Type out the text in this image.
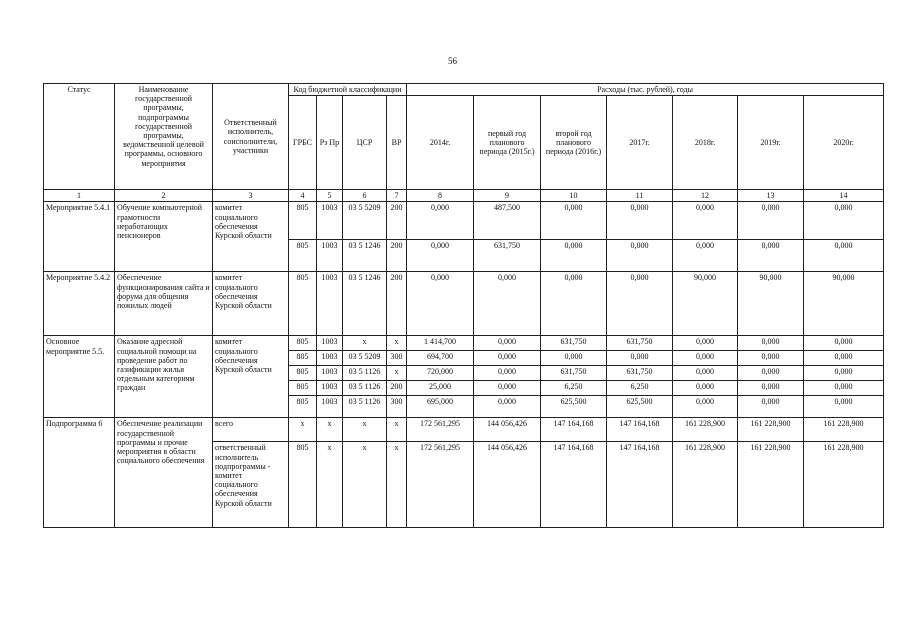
56
Статус	Наименование государственной программы, подпрограммы государственной программы, ведомственной целевой программы, основного мероприятия	Ответственный исполнитель, соисполнители, участники	Код бюджетной классификации				Расходы (тыс. рублей), годы						
			ГРБС	Рз Пр	ЦСР	ВР	2014г.	первый год планового периода (2015г.)	второй год планового периода (2016г.)	2017г.	2018г.	2019г.	2020г.
1	2	3	4	5	6	7	8	9	10	11	12	13	14
Мероприятие 5.4.1	Обучение компьютерной грамотности неработающих пенсионеров	комитет социального обеспечения Курской области	805	1003	03 5 5209	200	0,000	487,500	0,000	0,000	0,000	0,000	0,000
			805	1003	03 5 1246	200	0,000	631,750	0,000	0,000	0,000	0,000	0,000
Мероприятие 5.4.2	Обеспечение функционирования сайта и форума для общения пожилых людей	комитет социального обеспечения Курской области	805	1003	03 5 1246	200	0,000	0,000	0,000	0,000	90,000	90,000	90,000
Основное мероприятие 5.5.	Оказание адресной социальной помощи на проведение работ по газификации жилья отдельным категориям граждан	комитет социального обеспечения Курской области	805	1003	х	х	1 414,700	0,000	631,750	631,750	0,000	0,000	0,000
			805	1003	03 5 5209	300	694,700	0,000	0,000	0,000	0,000	0,000	0,000
			805	1003	03 5 1126	х	720,000	0,000	631,750	631,750	0,000	0,000	0,000
			805	1003	03 5 1126	200	25,000	0,000	6,250	6,250	0,000	0,000	0,000
			805	1003	03 5 1126	300	695,000	0,000	625,500	625,500	0,000	0,000	0,000
Подпрограмма 6	Обеспечение реализации государственной программы и прочие мероприятия в области социального обеспечения	всего	х	х	х	х	172 561,295	144 056,426	147 164,168	147 164,168	161 228,900	161 228,900	161 228,900
		ответственный исполнитель подпрограммы - комитет социального обеспечения Курской области	805	х	х	х	172 561,295	144 056,426	147 164,168	147 164,168	161 228,900	161 228,900	161 228,900
